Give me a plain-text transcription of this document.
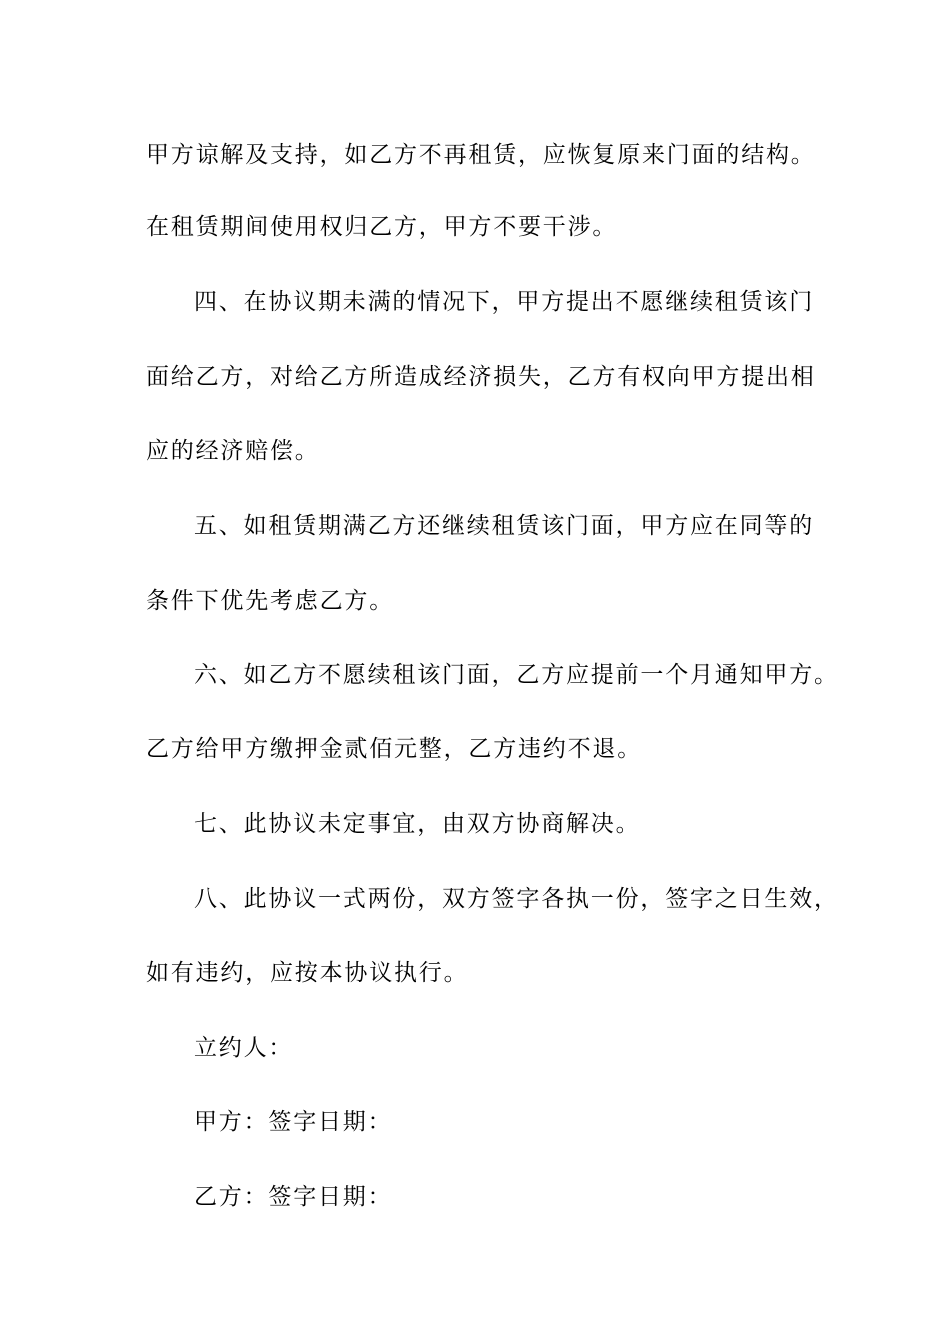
甲方谅解及支持，如乙方不再租赁，应恢复原来门面的结构。
在租赁期间使用权归乙方，甲方不要干涉。
四、在协议期未满的情况下，甲方提出不愿继续租赁该门
面给乙方，对给乙方所造成经济损失，乙方有权向甲方提出相
应的经济赔偿。
五、如租赁期满乙方还继续租赁该门面，甲方应在同等的
条件下优先考虑乙方。
六、如乙方不愿续租该门面，乙方应提前一个月通知甲方。
乙方给甲方缴押金贰佰元整，乙方违约不退。
七、此协议未定事宜，由双方协商解决。
八、此协议一式两份，双方签字各执一份，签字之日生效，
如有违约，应按本协议执行。
立约人：
甲方：签字日期：
乙方：签字日期：
